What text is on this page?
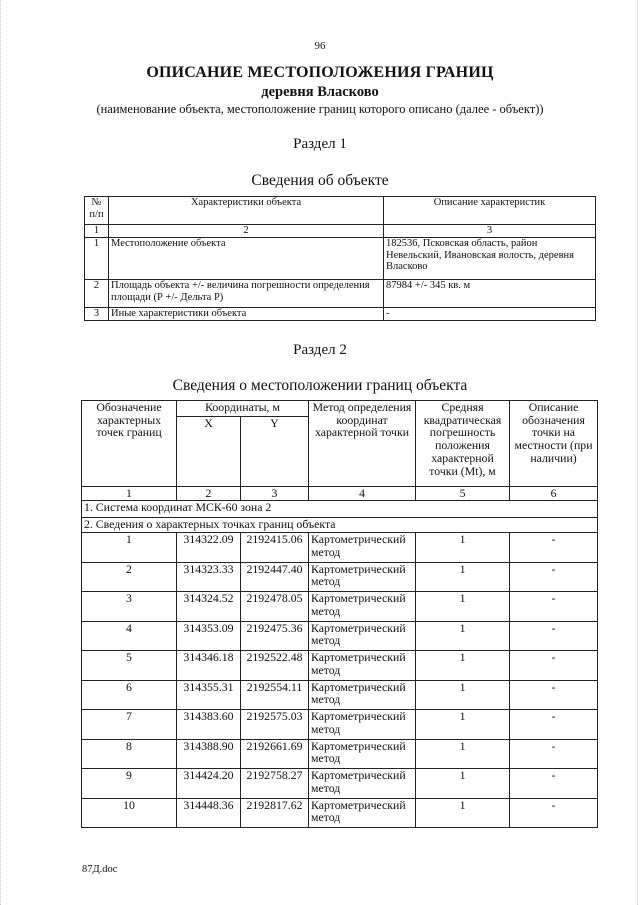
96
ОПИСАНИЕ МЕСТОПОЛОЖЕНИЯ ГРАНИЦ
деревня Власково
(наименование объекта, местоположение границ которого описано (далее - объект))
Раздел 1
Сведения об объекте
№ п/п	Характеристики объекта	Описание характеристик
1	2	3
1	Местоположение объекта	182536, Псковская область, район Невельский, Ивановская волость, деревня Власково
2	Площадь объекта +/- величина погрешности определения площади (Р +/- Дельта Р)	87984 +/- 345 кв. м
3	Иные характеристики объекта	-
Раздел 2
Сведения о местоположении границ объекта
Обозначение характерных точек границ	Координаты, м		Метод определения координат характерной точки	Средняя квадратическая погрешность положения характерной точки (Mt), м	Описание обозначения точки на местности (при наличии)
	X	Y			
1	2	3	4	5	6
1. Система координат МСК-60 зона 2					
2. Сведения о характерных точках границ объекта					
1	314322.09	2192415.06	Картометрический метод	1	-
2	314323.33	2192447.40	Картометрический метод	1	-
3	314324.52	2192478.05	Картометрический метод	1	-
4	314353.09	2192475.36	Картометрический метод	1	-
5	314346.18	2192522.48	Картометрический метод	1	-
6	314355.31	2192554.11	Картометрический метод	1	-
7	314383.60	2192575.03	Картометрический метод	1	-
8	314388.90	2192661.69	Картометрический метод	1	-
9	314424.20	2192758.27	Картометрический метод	1	-
10	314448.36	2192817.62	Картометрический метод	1	-
87Д.doc
